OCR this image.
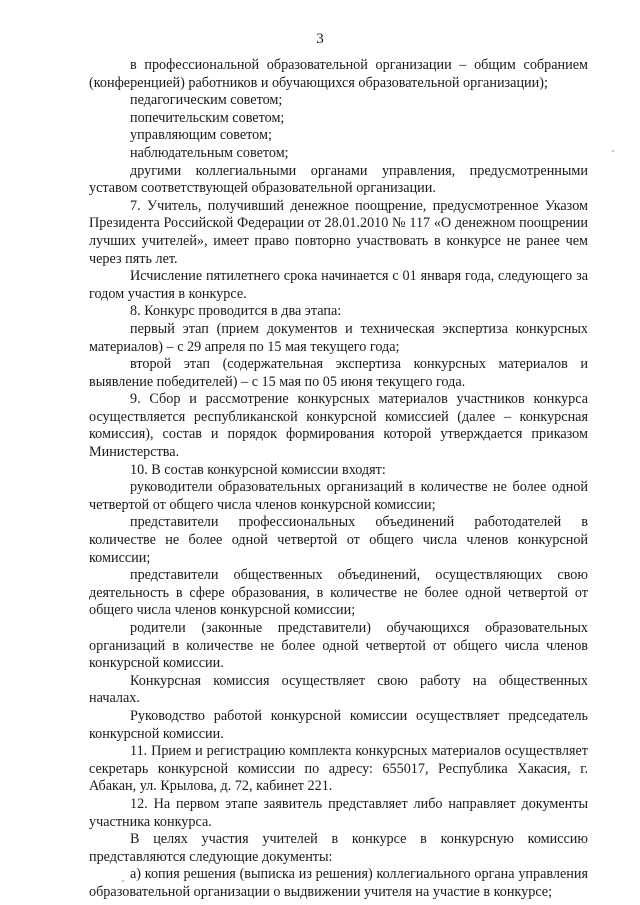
3

в профессиональной образовательной организации – общим собранием (конференцией) работников и обучающихся образовательной организации);

педагогическим советом;

попечительским советом;

управляющим советом;

наблюдательным советом;

другими коллегиальными органами управления, предусмотренными уставом соответствующей образовательной организации.

7. Учитель, получивший денежное поощрение, предусмотренное Указом Президента Российской Федерации от 28.01.2010 № 117 «О денежном поощрении лучших учителей», имеет право повторно участвовать в конкурсе не ранее чем через пять лет.

Исчисление пятилетнего срока начинается с 01 января года, следующего за годом участия в конкурсе.

8. Конкурс проводится в два этапа:

первый этап (прием документов и техническая экспертиза конкурсных материалов) – с 29 апреля по 15 мая текущего года;

второй этап (содержательная экспертиза конкурсных материалов и выявление победителей) – с 15 мая по 05 июня текущего года.

9. Сбор и рассмотрение конкурсных материалов участников конкурса осуществляется республиканской конкурсной комиссией (далее – конкурсная комиссия), состав и порядок формирования которой утверждается приказом Министерства.

10. В состав конкурсной комиссии входят:

руководители образовательных организаций в количестве не более одной четвертой от общего числа членов конкурсной комиссии;

представители профессиональных объединений работодателей в количестве не более одной четвертой от общего числа членов конкурсной комиссии;

представители общественных объединений, осуществляющих свою деятельность в сфере образования, в количестве не более одной четвертой от общего числа членов конкурсной комиссии;

родители (законные представители) обучающихся образовательных организаций в количестве не более одной четвертой от общего числа членов конкурсной комиссии.

Конкурсная комиссия осуществляет свою работу на общественных началах.

Руководство работой конкурсной комиссии осуществляет председатель конкурсной комиссии.

11. Прием и регистрацию комплекта конкурсных материалов осуществляет секретарь конкурсной комиссии по адресу: 655017, Республика Хакасия, г. Абакан, ул. Крылова, д. 72, кабинет 221.

12. На первом этапе заявитель представляет либо направляет документы участника конкурса.

В целях участия учителей в конкурсе в конкурсную комиссию представляются следующие документы:

а) копия решения (выписка из решения) коллегиального органа управления образовательной организации о выдвижении учителя на участие в конкурсе;
